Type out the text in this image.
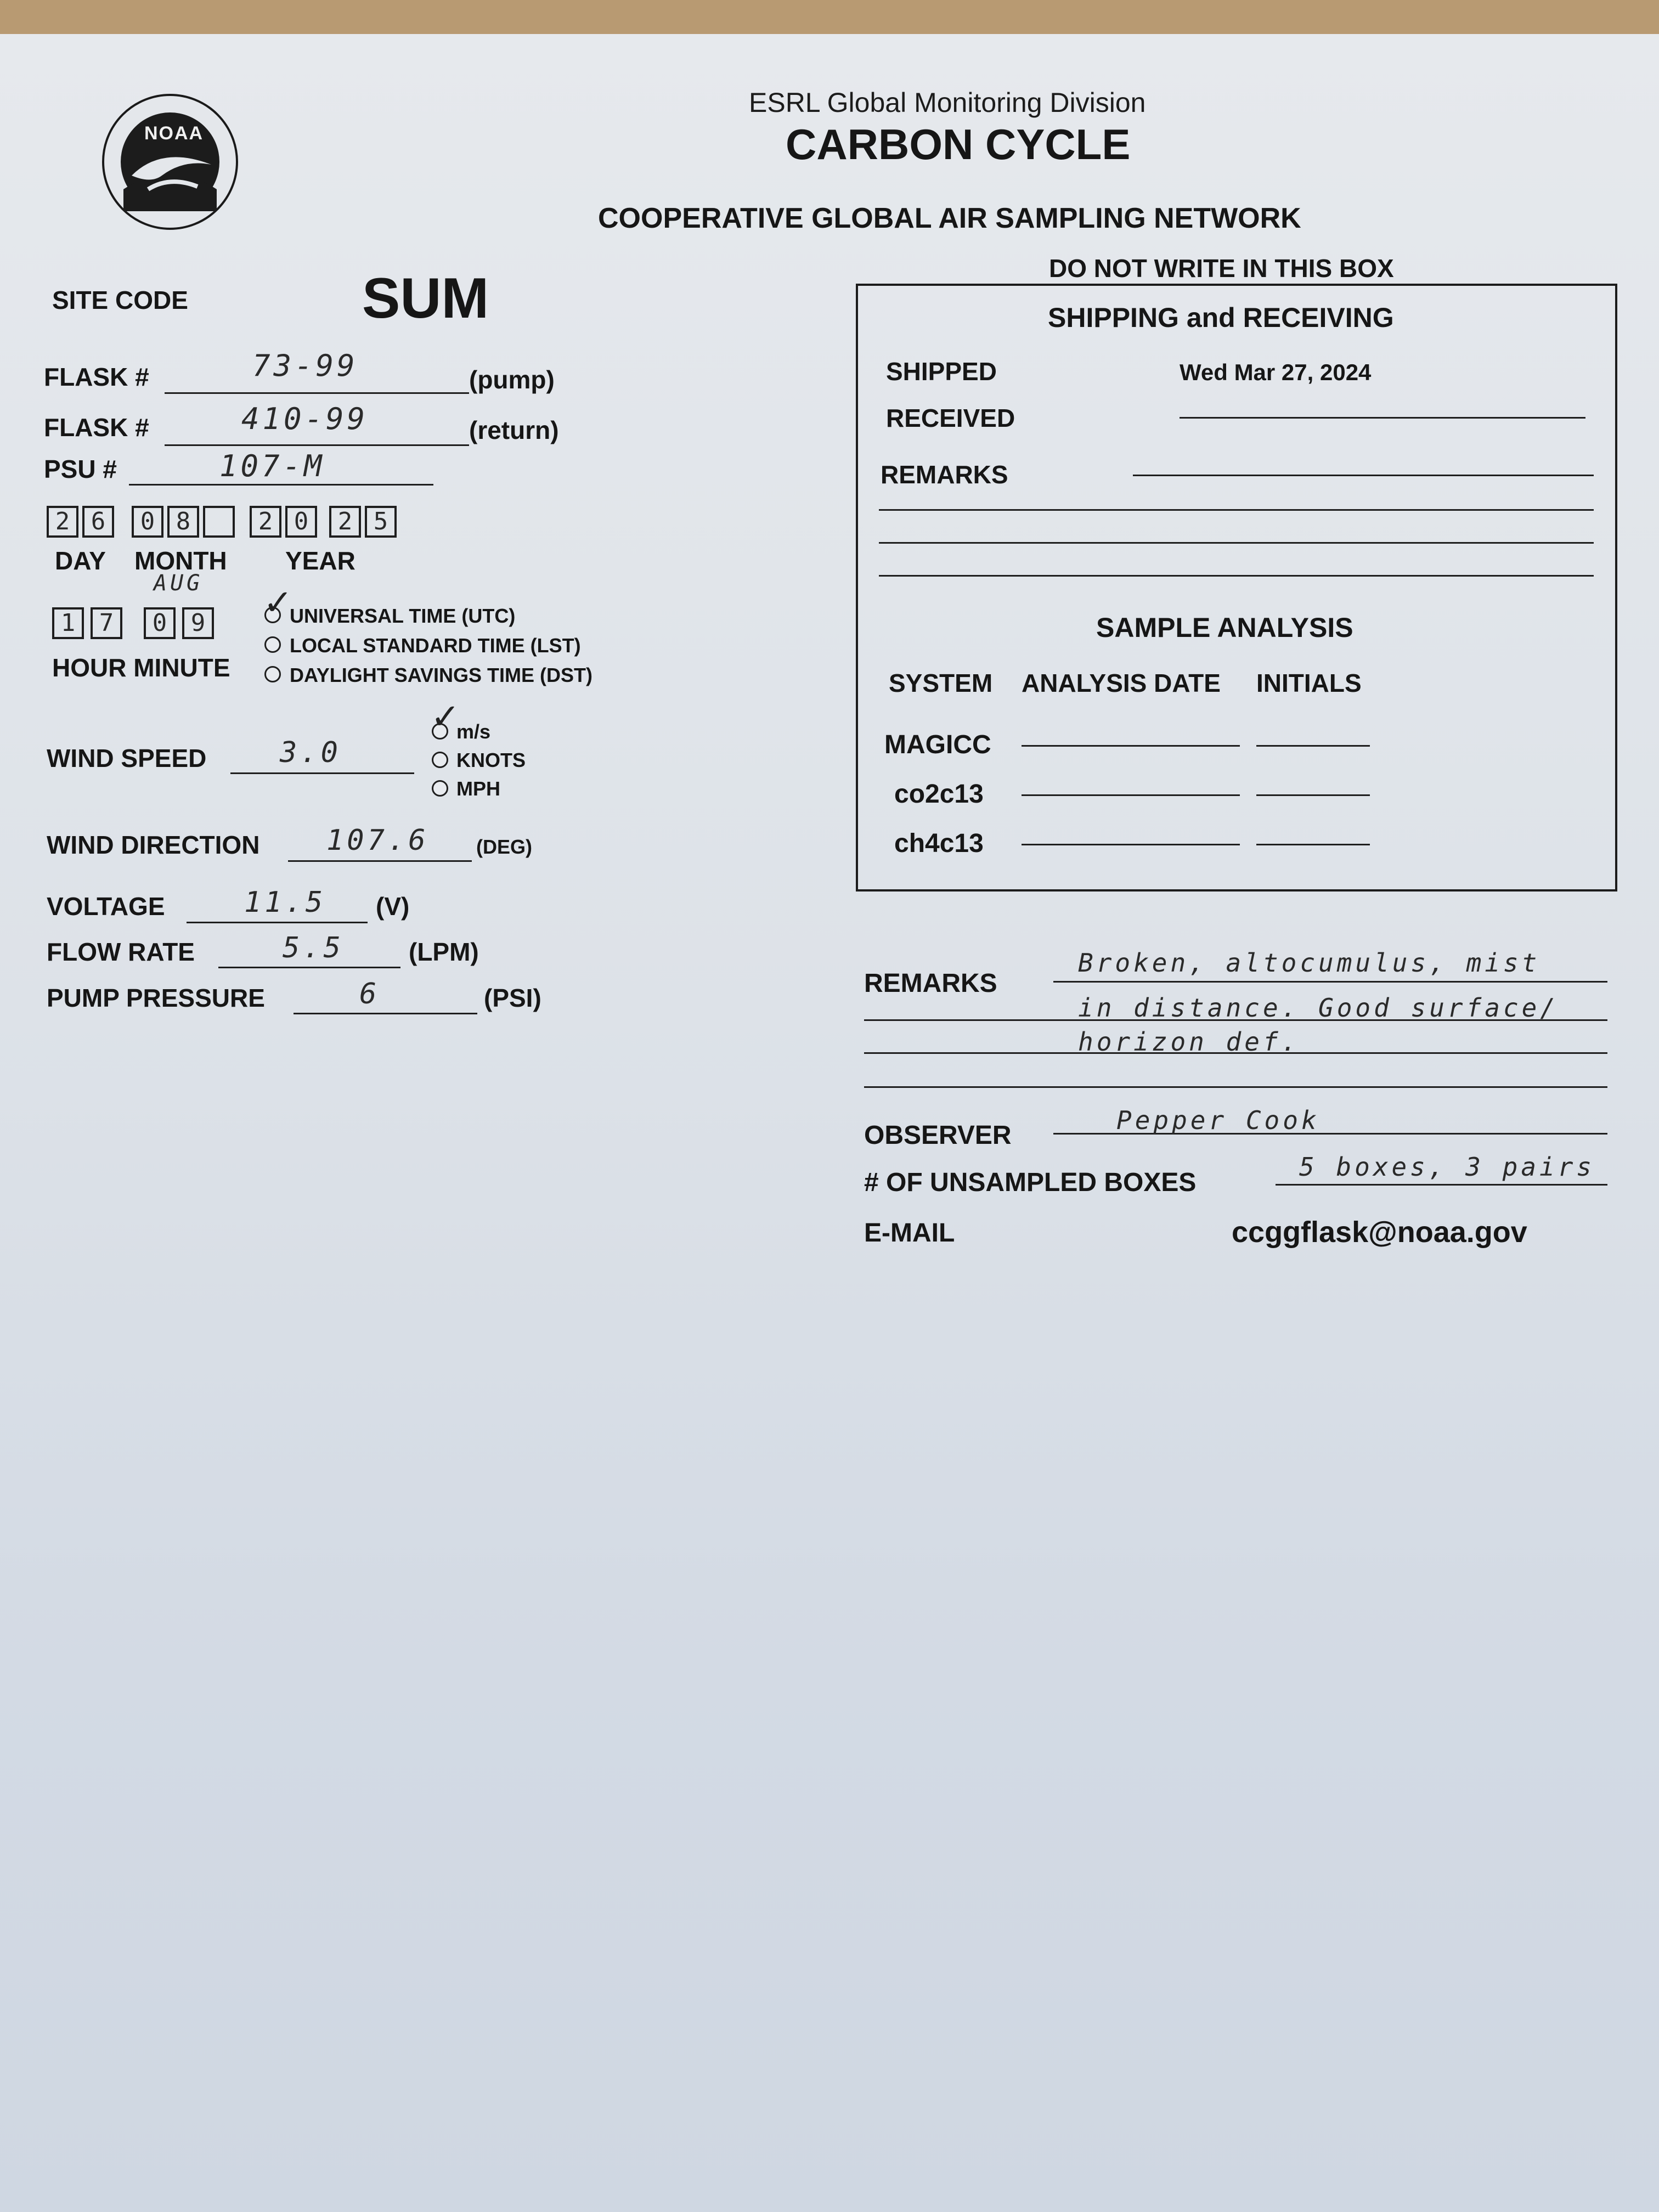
NOAA
ESRL Global Monitoring Division
CARBON CYCLE
COOPERATIVE GLOBAL AIR SAMPLING NETWORK
SITE CODE	SUM
FLASK #	73-99	(pump)
FLASK #	410-99	(return)
PSU #	107-M
2 6	0 8	2 0	2 5
DAY MONTH YEAR
AUG
1 7	0 9
HOUR MINUTE
✓
UNIVERSAL TIME (UTC)
LOCAL STANDARD TIME (LST)
DAYLIGHT SAVINGS TIME (DST)
WIND SPEED	3.0
✓
m/s
KNOTS
MPH
WIND DIRECTION 107.6 (DEG)
VOLTAGE	11.5 (V)
FLOW RATE	5.5	(LPM)
PUMP PRESSURE	6	(PSI)
DO NOT WRITE IN THIS BOX
SHIPPING and RECEIVING
SHIPPED	Wed Mar 27, 2024
RECEIVED
REMARKS
SAMPLE ANALYSIS
SYSTEM ANALYSIS DATE INITIALS
MAGICC
co2c13
ch4c13
REMARKS
Broken, altocumulus, mist
in distance. Good surface/
horizon def.
OBSERVER
Pepper Cook
# OF UNSAMPLED BOXES
5 boxes, 3 pairs
E-MAIL	ccggflask@noaa.gov
